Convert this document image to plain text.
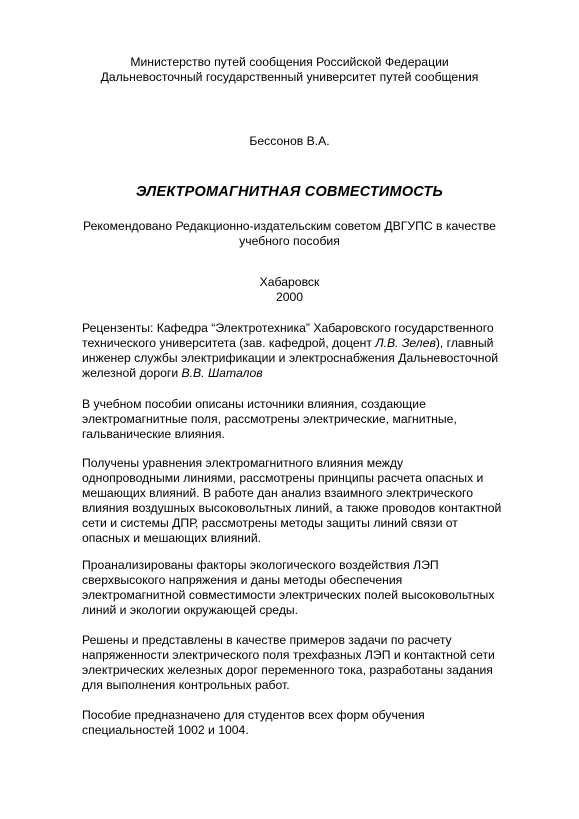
Министерство путей сообщения Российской Федерации
Дальневосточный государственный университет путей сообщения
Бессонов В.А.
ЭЛЕКТРОМАГНИТНАЯ СОВМЕСТИМОСТЬ
Рекомендовано Редакционно-издательским советом ДВГУПС в качестве
учебного пособия
Хабаровск
2000
Рецензенты: Кафедра “Электротехника” Хабаровского государственного
технического университета (зав. кафедрой, доцент Л.В. Зелев), главный
инженер службы электрификации и электроснабжения Дальневосточной
железной дороги В.В. Шаталов
В учебном пособии описаны источники влияния, создающие
электромагнитные поля, рассмотрены электрические, магнитные,
гальванические влияния.
Получены уравнения электромагнитного влияния между
однопроводными линиями, рассмотрены принципы расчета опасных и
мешающих влияний. В работе дан анализ взаимного электрического
влияния воздушных высоковольтных линий, а также проводов контактной
сети и системы ДПР, рассмотрены методы защиты линий связи от
опасных и мешающих влияний.
Проанализированы факторы экологического воздействия ЛЭП
сверхвысокого напряжения и даны методы обеспечения
электромагнитной совместимости электрических полей высоковольтных
линий и экологии окружающей среды.
Решены и представлены в качестве примеров задачи по расчету
напряженности электрического поля трехфазных ЛЭП и контактной сети
электрических железных дорог переменного тока, разработаны задания
для выполнения контрольных работ.
Пособие предназначено для студентов всех форм обучения
специальностей 1002 и 1004.
